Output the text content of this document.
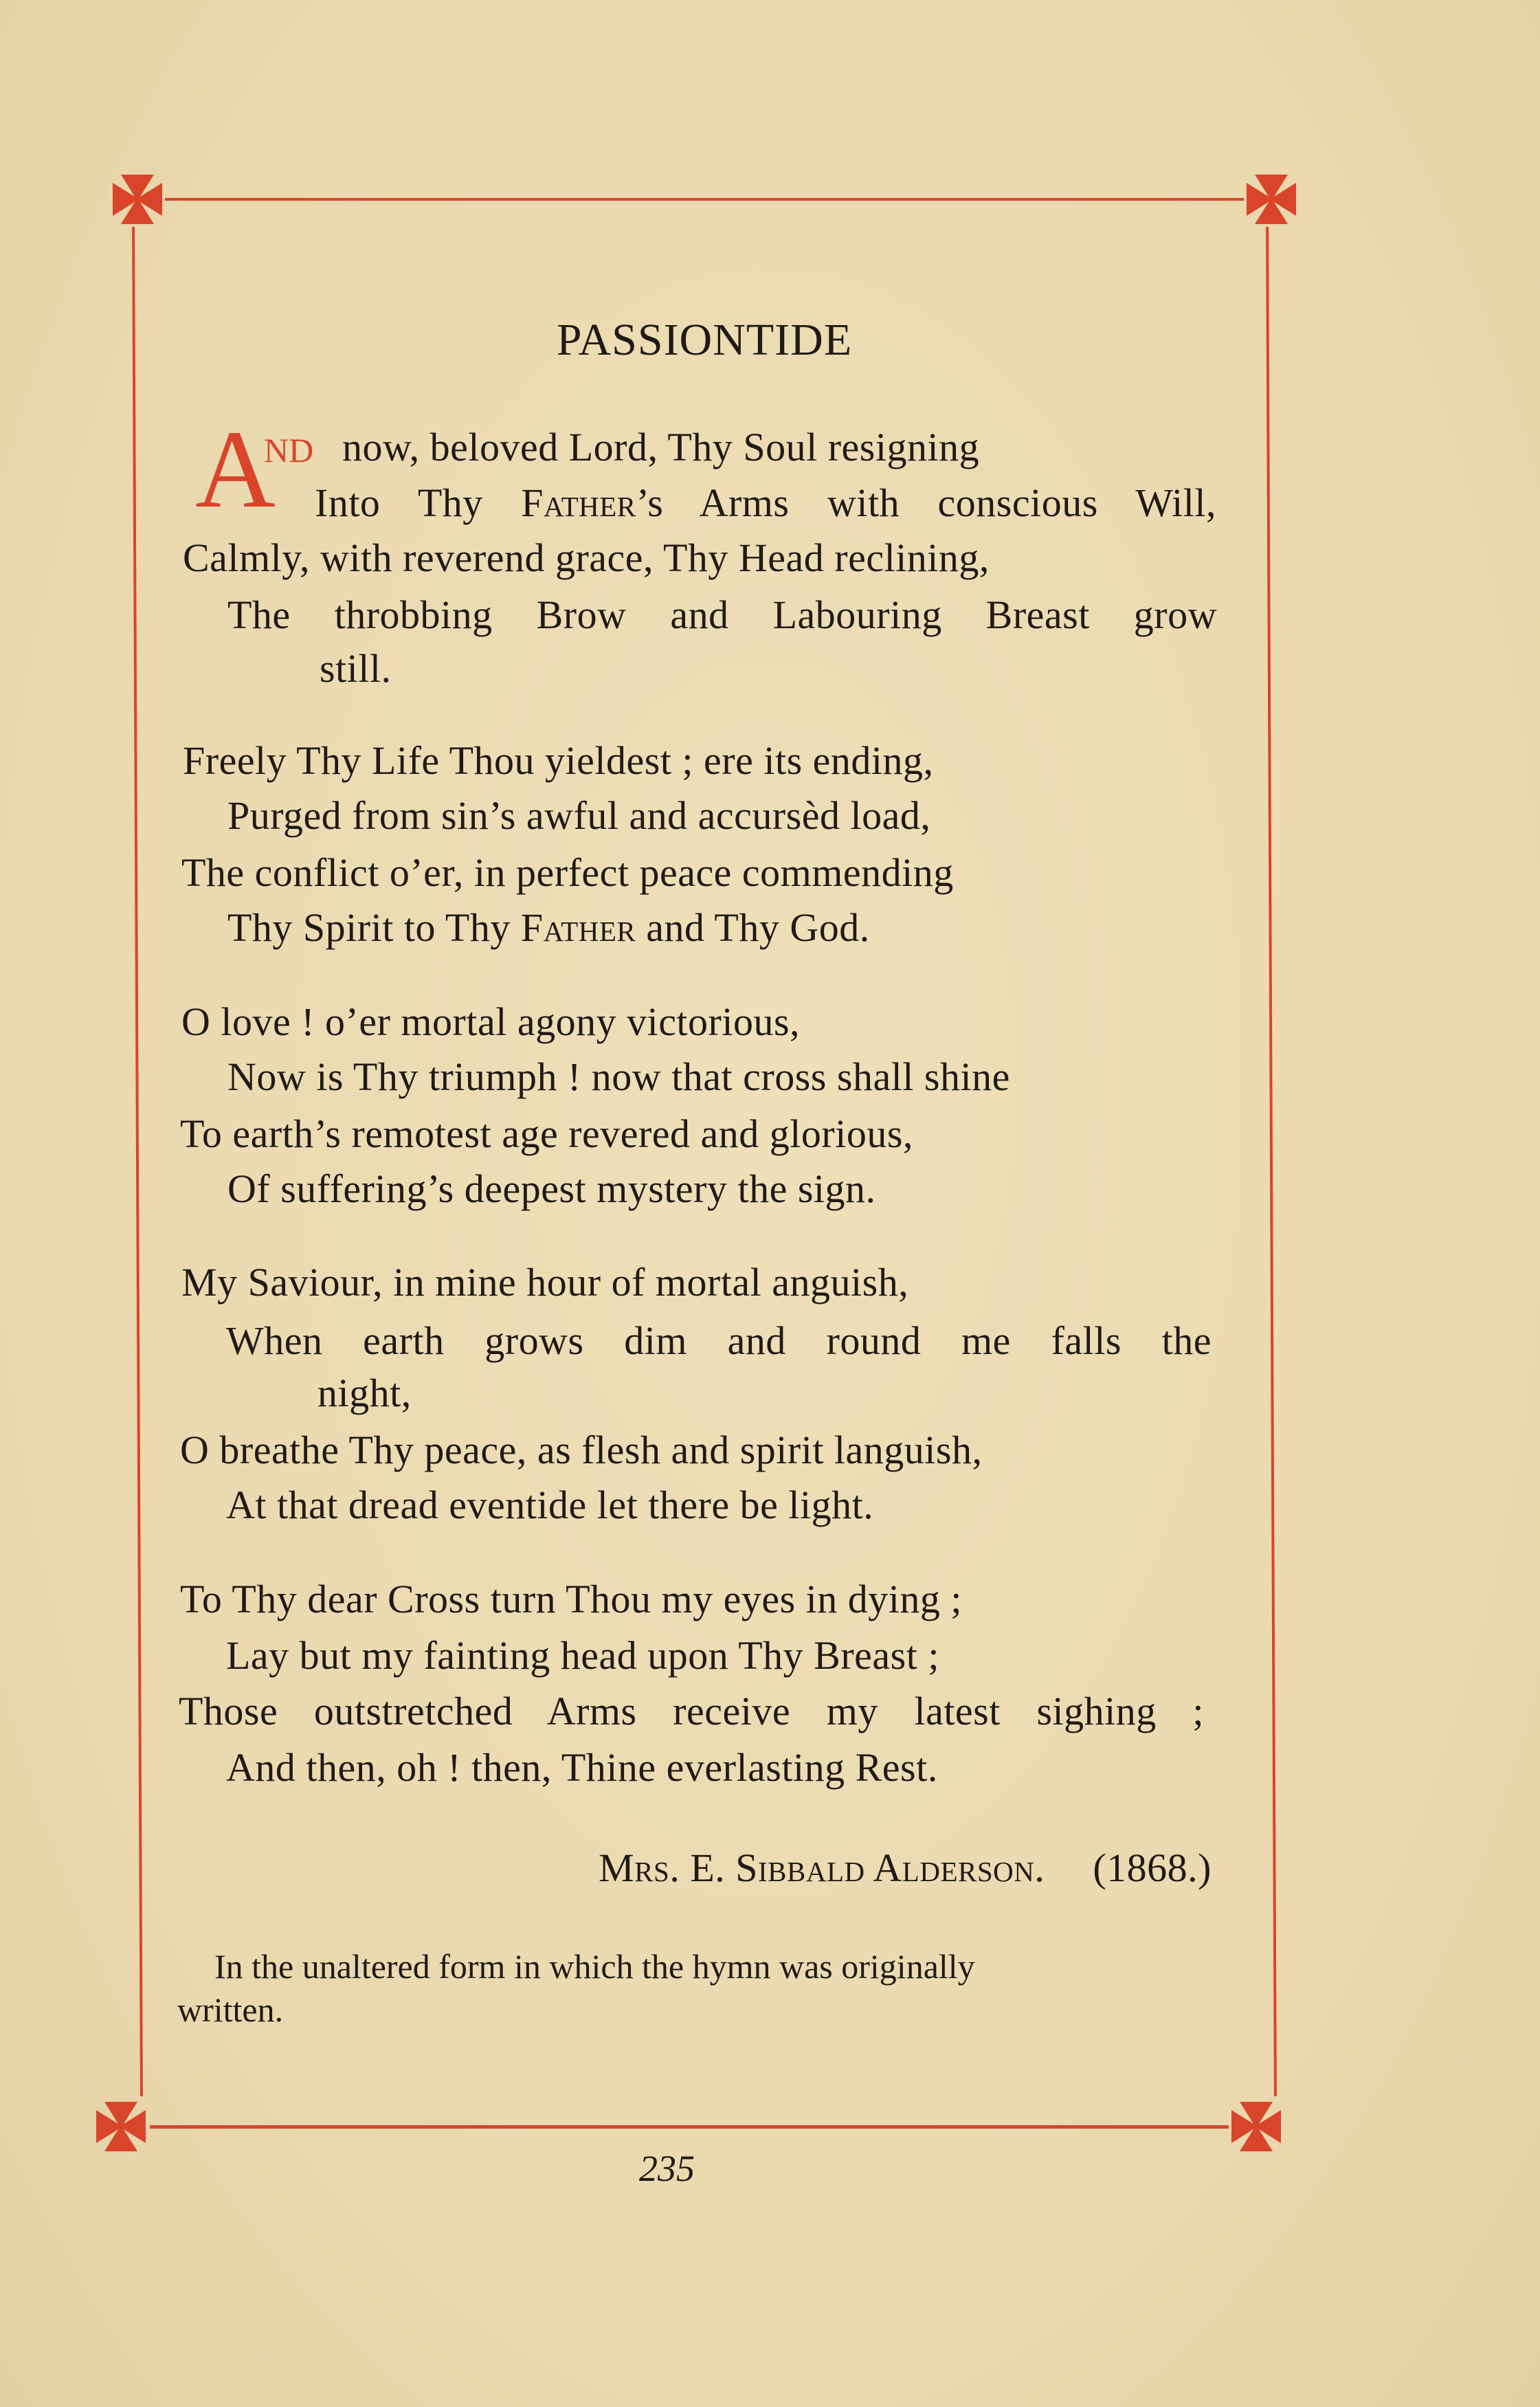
PASSIONTIDE
A
ND now, beloved Lord, Thy Soul resigning
Into Thy Father’s Arms with conscious Will,
Calmly, with reverend grace, Thy Head reclining,
The throbbing Brow and Labouring Breast grow
still.
Freely Thy Life Thou yieldest ; ere its ending,
Purged from sin’s awful and accursèd load,
The conflict o’er, in perfect peace commending
Thy Spirit to Thy Father and Thy God.
O love ! o’er mortal agony victorious,
Now is Thy triumph ! now that cross shall shine
To earth’s remotest age revered and glorious,
Of suffering’s deepest mystery the sign.
My Saviour, in mine hour of mortal anguish,
When earth grows dim and round me falls the
night,
O breathe Thy peace, as flesh and spirit languish,
At that dread eventide let there be light.
To Thy dear Cross turn Thou my eyes in dying ;
Lay but my fainting head upon Thy Breast ;
Those outstretched Arms receive my latest sighing ;
And then, oh ! then, Thine everlasting Rest.
Mrs. E. Sibbald Alderson. (1868.)
In the unaltered form in which the hymn was originally
written.
235
